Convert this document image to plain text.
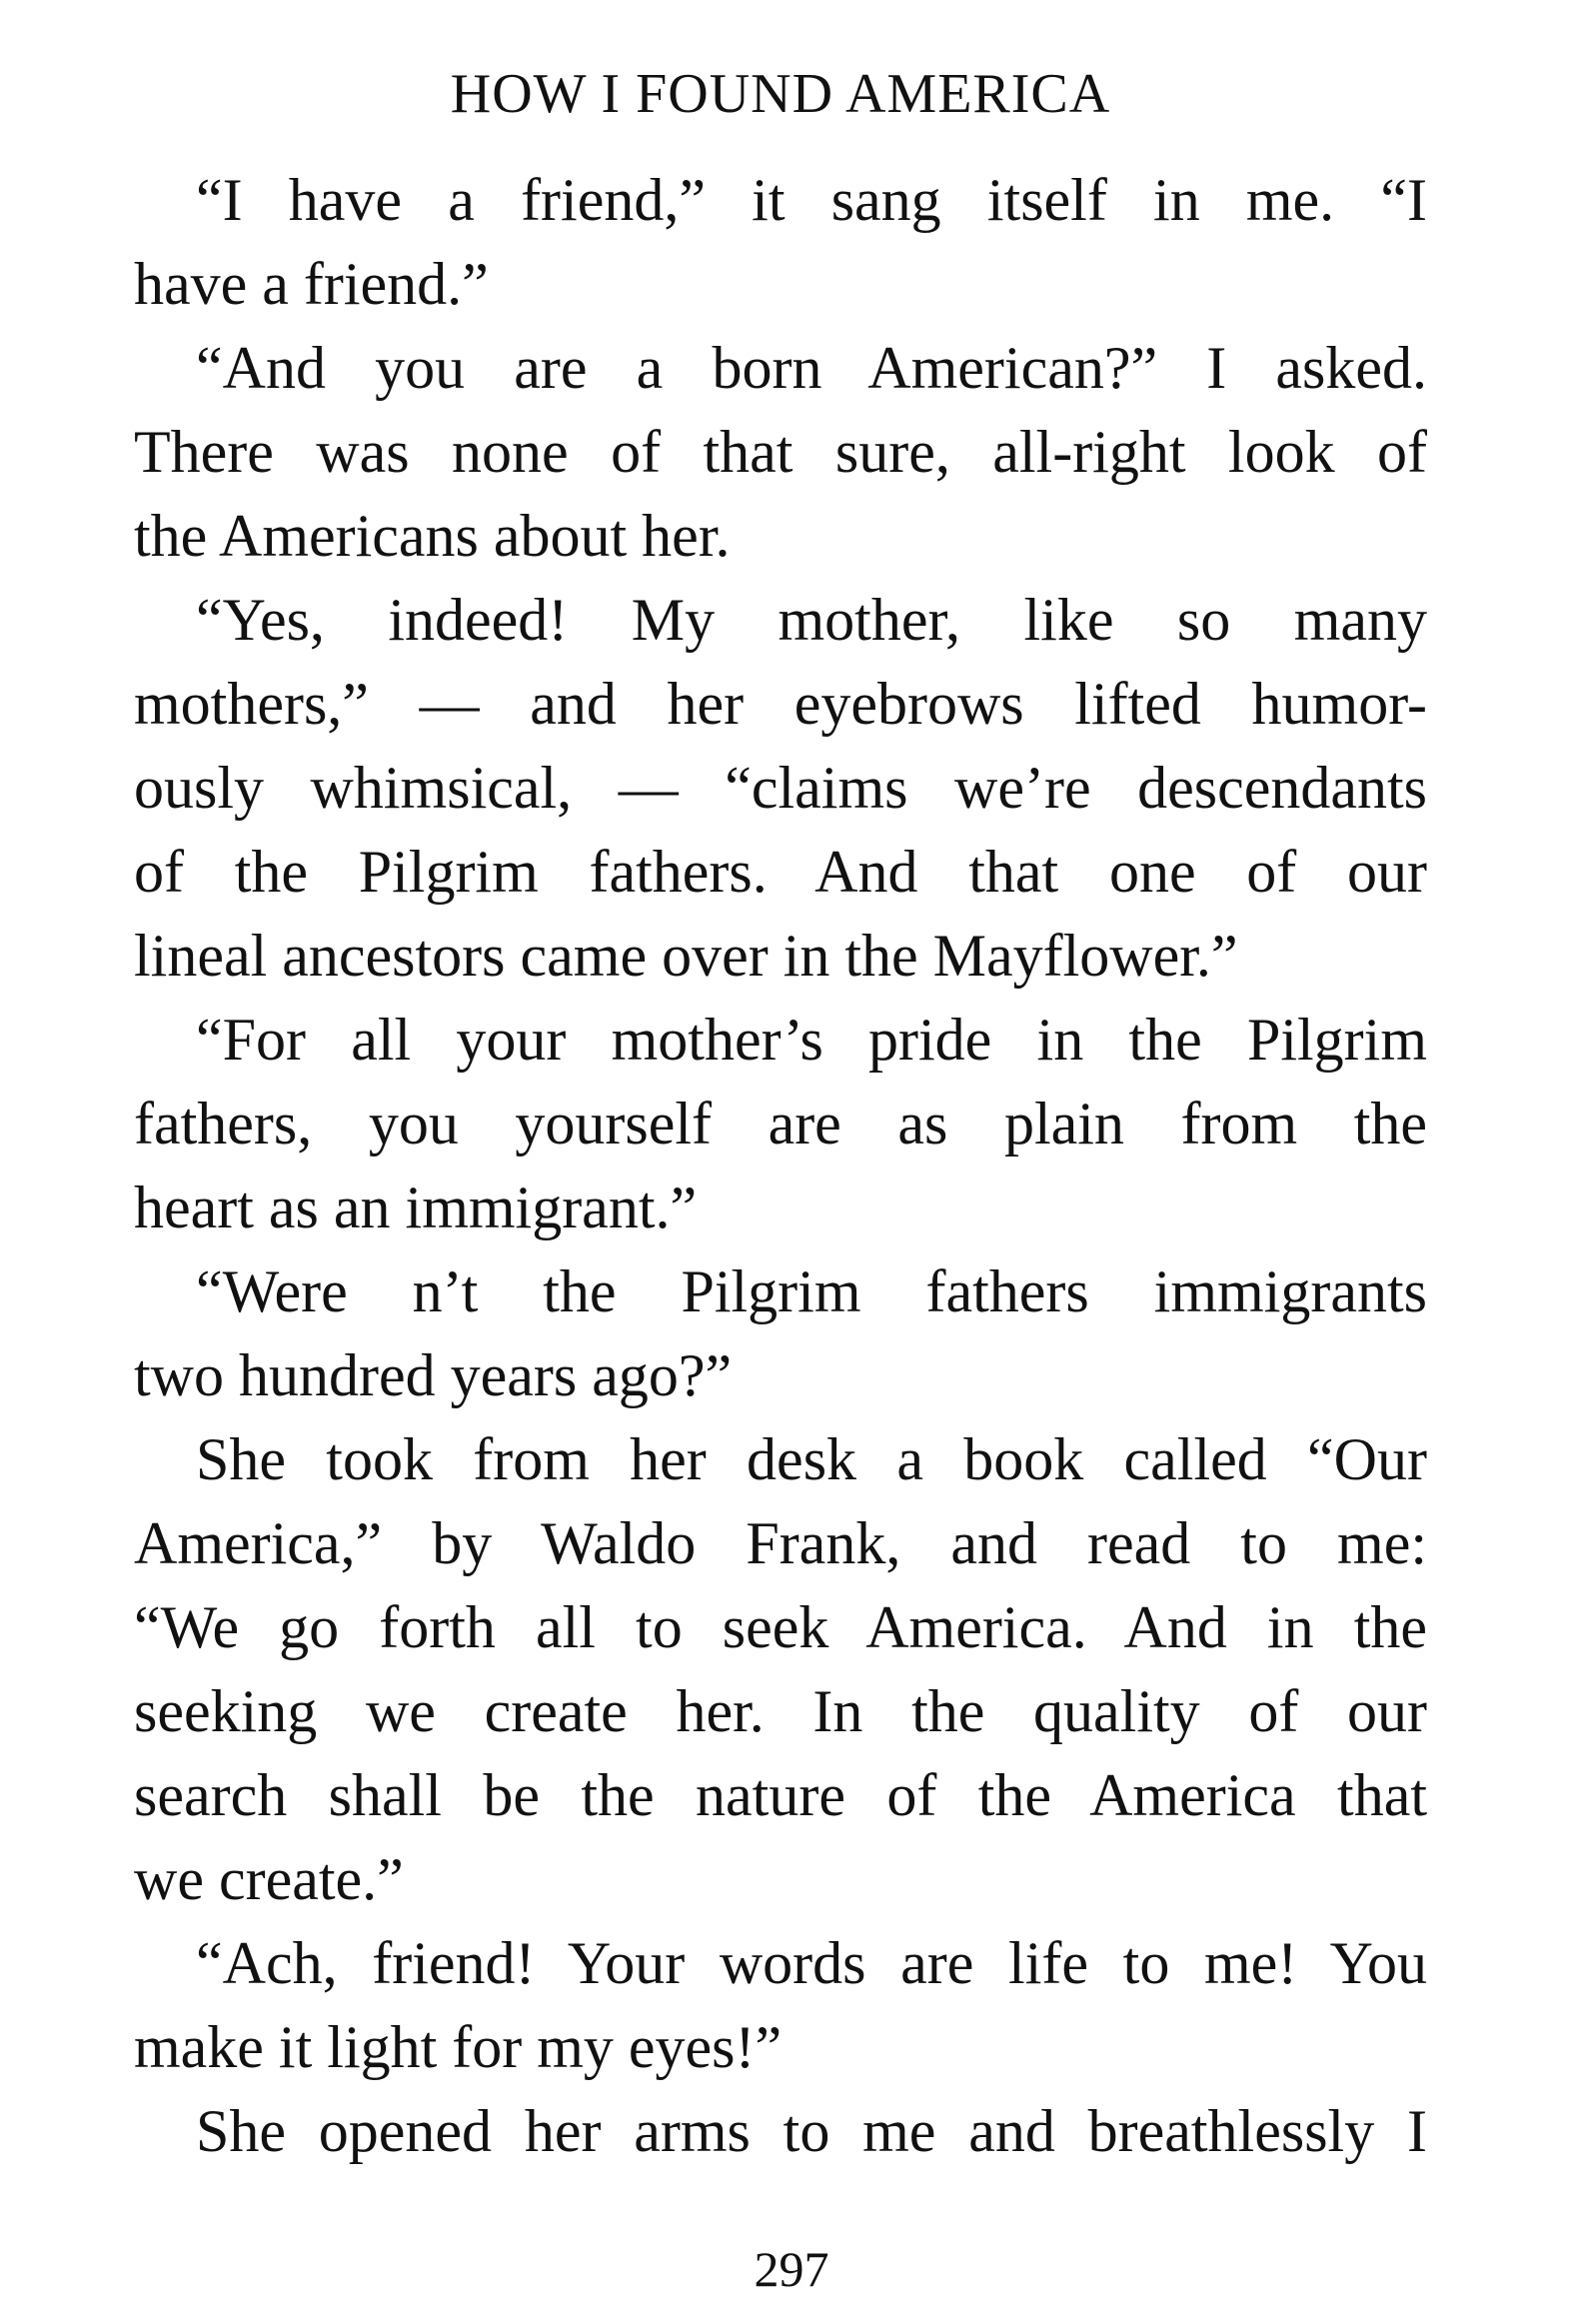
HOW I FOUND AMERICA
“I have a friend,” it sang itself in me. “I
have a friend.”
“And you are a born American?” I asked.
There was none of that sure, all-right look of
the Americans about her.
“Yes, indeed! My mother, like so many
mothers,” — and her eyebrows lifted humor-
ously whimsical, — “claims we’re descendants
of the Pilgrim fathers. And that one of our
lineal ancestors came over in the Mayflower.”
“For all your mother’s pride in the Pilgrim
fathers, you yourself are as plain from the
heart as an immigrant.”
“Were n’t the Pilgrim fathers immigrants
two hundred years ago?”
She took from her desk a book called “Our
America,” by Waldo Frank, and read to me:
“We go forth all to seek America. And in the
seeking we create her. In the quality of our
search shall be the nature of the America that
we create.”
“Ach, friend! Your words are life to me! You
make it light for my eyes!”
She opened her arms to me and breathlessly I
297
